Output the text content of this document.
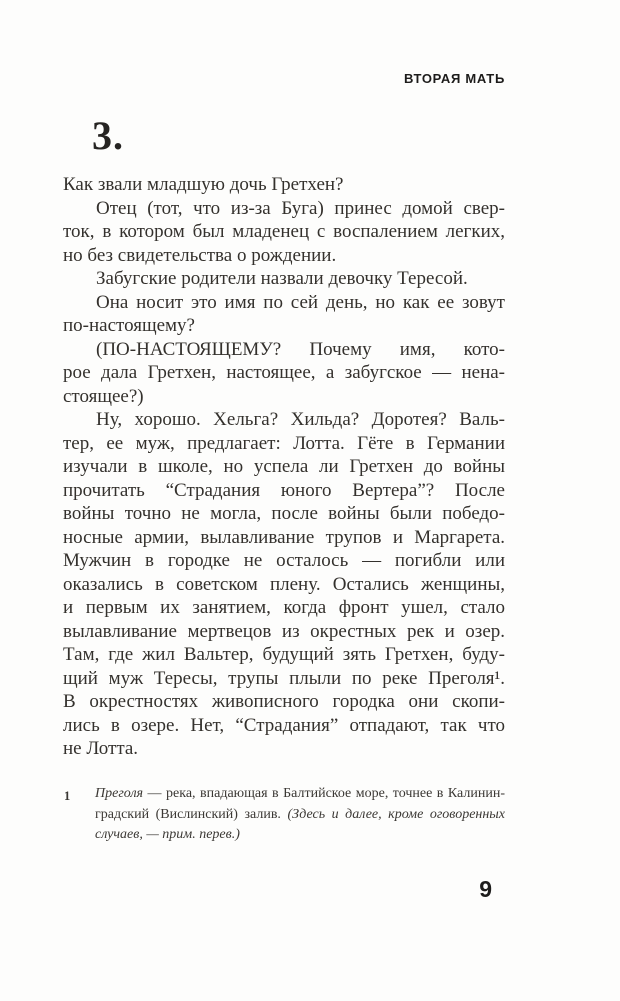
ВТОРАЯ МАТЬ
3.
Как звали младшую дочь Гретхен?
Отец (тот, что из-за Буга) принес домой свер-
ток, в котором был младенец с воспалением легких,
но без свидетельства о рождении.
Забугские родители назвали девочку Тересой.
Она носит это имя по сей день, но как ее зовут
по-настоящему?
(ПО-НАСТОЯЩЕМУ? Почему имя, кото-
рое дала Гретхен, настоящее, а забугское — нена-
стоящее?)
Ну, хорошо. Хельга? Хильда? Доротея? Валь-
тер, ее муж, предлагает: Лотта. Гёте в Германии
изучали в школе, но успела ли Гретхен до войны
прочитать “Страдания юного Вертера”? После
войны точно не могла, после войны были победо-
носные армии, вылавливание трупов и Маргарета.
Мужчин в городке не осталось — погибли или
оказались в советском плену. Остались женщины,
и первым их занятием, когда фронт ушел, стало
вылавливание мертвецов из окрестных рек и озер.
Там, где жил Вальтер, будущий зять Гретхен, буду-
щий муж Тересы, трупы плыли по реке Преголя¹.
В окрестностях живописного городка они скопи-
лись в озере. Нет, “Страдания” отпадают, так что
не Лотта.
1 Преголя — река, впадающая в Балтийское море, точнее в Калинин-
градский (Вислинский) залив. (Здесь и далее, кроме оговоренных
случаев, — прим. перев.)
9
